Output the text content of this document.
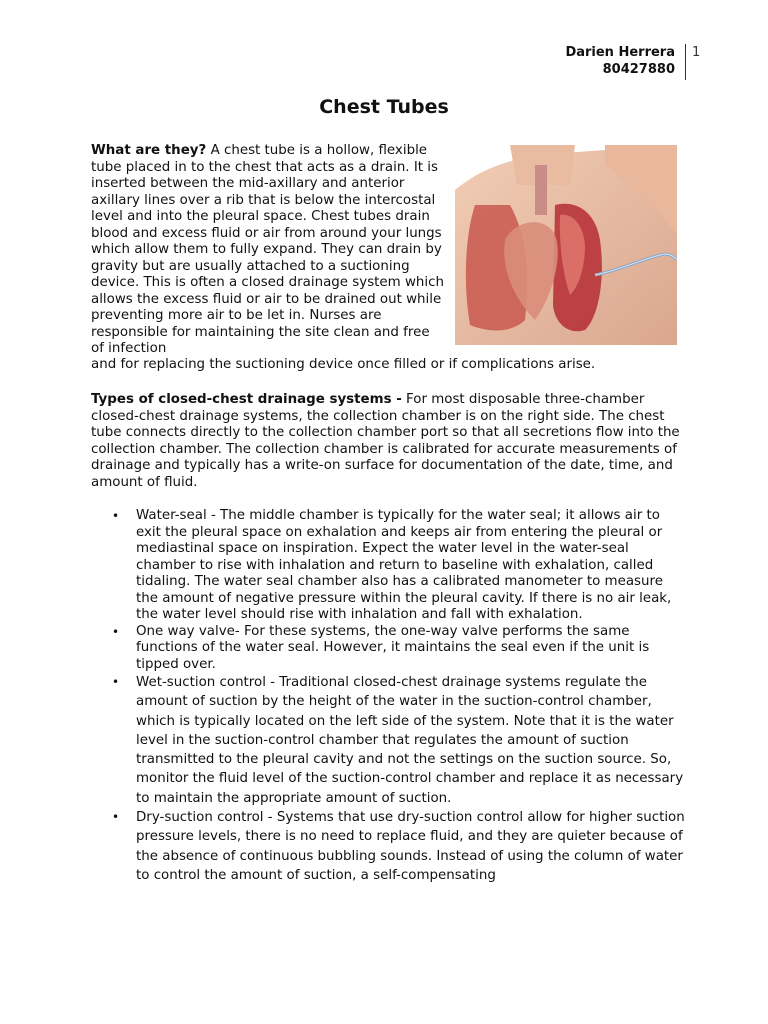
Darien Herrera
80427880
1
Chest Tubes

What are they? A chest tube is a hollow, flexible tube placed in to the chest that acts as a drain. It is inserted between the mid-axillary and anterior axillary lines over a rib that is below the intercostal level and into the pleural space. Chest tubes drain blood and excess fluid or air from around your lungs which allow them to fully expand. They can drain by gravity but are usually attached to a suctioning device. This is often a closed drainage system which allows the excess fluid or air to be drained out while preventing more air to be let in. Nurses are responsible for maintaining the site clean and free of infection

and for replacing the suctioning device once filled or if complications arise.

Types of closed-chest drainage systems - For most disposable three-chamber closed-chest drainage systems, the collection chamber is on the right side. The chest tube connects directly to the collection chamber port so that all secretions flow into the collection chamber. The collection chamber is calibrated for accurate measurements of drainage and typically has a write-on surface for documentation of the date, time, and amount of fluid.

• Water-seal - The middle chamber is typically for the water seal; it allows air to exit the pleural space on exhalation and keeps air from entering the pleural or mediastinal space on inspiration. Expect the water level in the water-seal chamber to rise with inhalation and return to baseline with exhalation, called tidaling. The water seal chamber also has a calibrated manometer to measure the amount of negative pressure within the pleural cavity. If there is no air leak, the water level should rise with inhalation and fall with exhalation.
• One way valve- For these systems, the one-way valve performs the same functions of the water seal. However, it maintains the seal even if the unit is tipped over.
• Wet-suction control - Traditional closed-chest drainage systems regulate the amount of suction by the height of the water in the suction-control chamber, which is typically located on the left side of the system. Note that it is the water level in the suction-control chamber that regulates the amount of suction transmitted to the pleural cavity and not the settings on the suction source. So, monitor the fluid level of the suction-control chamber and replace it as necessary to maintain the appropriate amount of suction.
• Dry-suction control - Systems that use dry-suction control allow for higher suction pressure levels, there is no need to replace fluid, and they are quieter because of the absence of continuous bubbling sounds. Instead of using the column of water to control the amount of suction, a self-compensating
